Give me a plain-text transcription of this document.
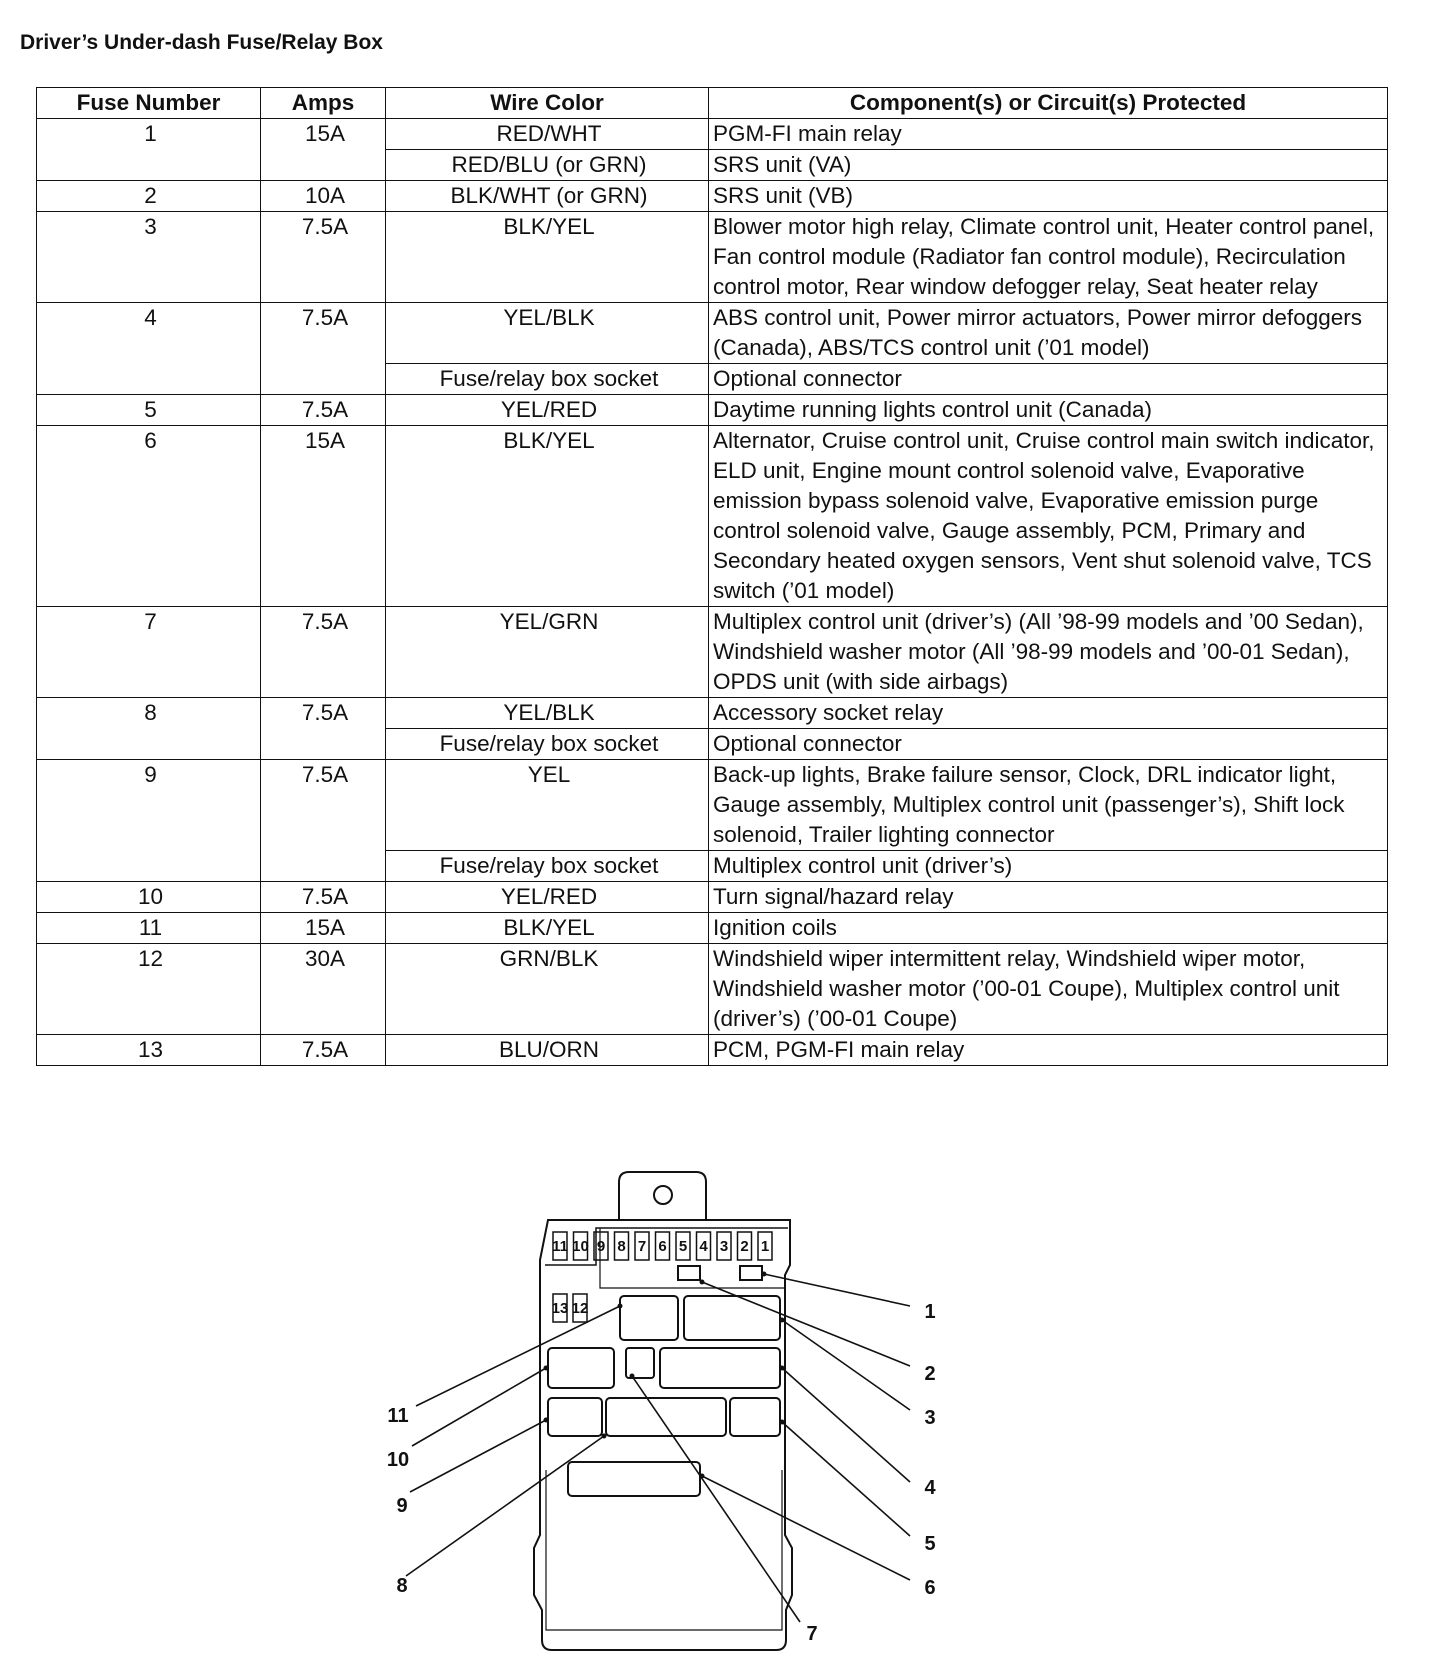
Driver’s Under-dash Fuse/Relay Box
Fuse Number	Amps	Wire Color	Component(s) or Circuit(s) Protected
1	15A	RED/WHT	PGM-FI main relay
		RED/BLU (or GRN)	SRS unit (VA)
2	10A	BLK/WHT (or GRN)	SRS unit (VB)
3	7.5A	BLK/YEL	Blower motor high relay, Climate control unit, Heater control panel, Fan control module (Radiator fan control module), Recirculation control motor, Rear window defogger relay, Seat heater relay
4	7.5A	YEL/BLK	ABS control unit, Power mirror actuators, Power mirror defoggers (Canada), ABS/TCS control unit (’01 model)
		Fuse/relay box socket	Optional connector
5	7.5A	YEL/RED	Daytime running lights control unit (Canada)
6	15A	BLK/YEL	Alternator, Cruise control unit, Cruise control main switch indicator, ELD unit, Engine mount control solenoid valve, Evaporative emission bypass solenoid valve, Evaporative emission purge control solenoid valve, Gauge assembly, PCM, Primary and Secondary heated oxygen sensors, Vent shut solenoid valve, TCS switch (’01 model)
7	7.5A	YEL/GRN	Multiplex control unit (driver’s) (All ’98-99 models and ’00 Sedan), Windshield washer motor (All ’98-99 models and ’00-01 Sedan), OPDS unit (with side airbags)
8	7.5A	YEL/BLK	Accessory socket relay
		Fuse/relay box socket	Optional connector
9	7.5A	YEL	Back-up lights, Brake failure sensor, Clock, DRL indicator light, Gauge assembly, Multiplex control unit (passenger’s), Shift lock solenoid, Trailer lighting connector
		Fuse/relay box socket	Multiplex control unit (driver’s)
10	7.5A	YEL/RED	Turn signal/hazard relay
11	15A	BLK/YEL	Ignition coils
12	30A	GRN/BLK	Windshield wiper intermittent relay, Windshield wiper motor, Windshield washer motor (’00-01 Coupe), Multiplex control unit (driver’s) (’00-01 Coupe)
13	7.5A	BLU/ORN	PCM, PGM-FI main relay
11 10 9 8 7 6 5 4 3 2 1
13 12	1
2
3
4
5
6
7
8
9
10
11
